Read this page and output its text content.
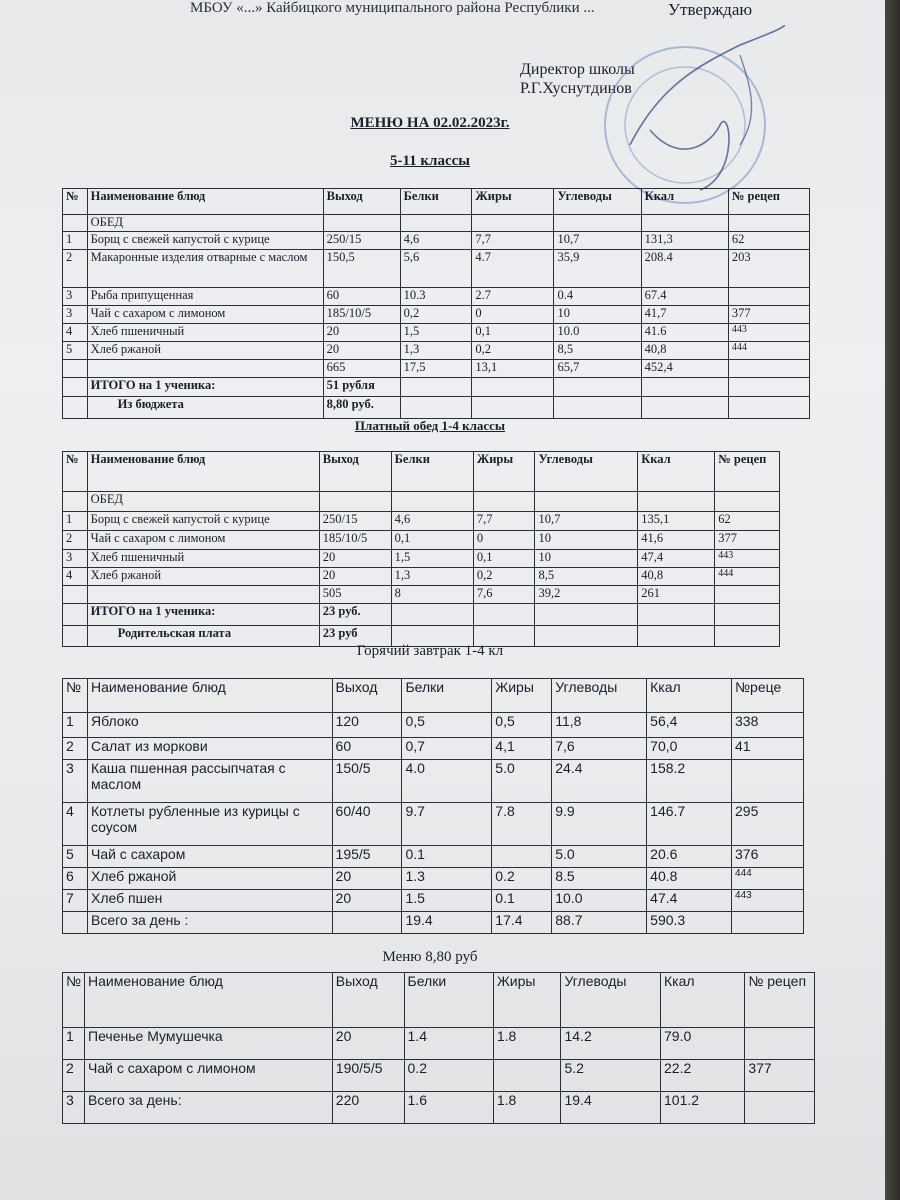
МБОУ «...» Кайбицкого муниципального района Республики ...	Утверждаю
Директор школы
Р.Г.Хуснутдинов
МЕНЮ НА 02.02.2023г.
5-11 классы
№	Наименование блюд	Выход	Белки	Жиры	Углеводы	Ккал	№ рецеп
	ОБЕД						
1	Борщ с свежей капустой с курице	250/15	4,6	7,7	10,7	131,3	62
2	Макаронные изделия отварные с маслом	150,5	5,6	4.7	35,9	208.4	203
3	Рыба припущенная	60	10.3	2.7	0.4	67.4	
3	Чай с сахаром с лимоном	185/10/5	0,2	0	10	41,7	377
4	Хлеб пшеничный	20	1,5	0,1	10.0	41.6	443
5	Хлеб ржаной	20	1,3	0,2	8,5	40,8	444
		665	17,5	13,1	65,7	452,4	
	ИТОГО на 1 ученика:	51 рубля					
	Из бюджета	8,80 руб.					
Платный обед 1-4 классы
№	Наименование блюд	Выход	Белки	Жиры	Углеводы	Ккал	№ рецеп
	ОБЕД						
1	Борщ с свежей капустой с курице	250/15	4,6	7,7	10,7	135,1	62
2	Чай с сахаром с лимоном	185/10/5	0,1	0	10	41,6	377
3	Хлеб пшеничный	20	1,5	0,1	10	47,4	443
4	Хлеб ржаной	20	1,3	0,2	8,5	40,8	444
		505	8	7,6	39,2	261	
	ИТОГО на 1 ученика:	23 руб.					
	Родительская плата	23 руб					
Горячий завтрак 1-4 кл
№	Наименование блюд	Выход	Белки	Жиры	Углеводы	Ккал	№реце
1	Яблоко	120	0,5	0,5	11,8	56,4	338
2	Салат из моркови	60	0,7	4,1	7,6	70,0	41
3	Каша пшенная рассыпчатая с маслом	150/5	4.0	5.0	24.4	158.2	
4	Котлеты рубленные из курицы с соусом	60/40	9.7	7.8	9.9	146.7	295
5	Чай с сахаром	195/5	0.1		5.0	20.6	376
6	Хлеб ржаной	20	1.3	0.2	8.5	40.8	444
7	Хлеб пшен	20	1.5	0.1	10.0	47.4	443
	Всего за день :		19.4	17.4	88.7	590.3	
Меню 8,80 руб
№	Наименование блюд	Выход	Белки	Жиры	Углеводы	Ккал	№ рецеп
1	Печенье Мумушечка	20	1.4	1.8	14.2	79.0	
2	Чай с сахаром с лимоном	190/5/5	0.2		5.2	22.2	377
3	Всего за день:	220	1.6	1.8	19.4	101.2	
